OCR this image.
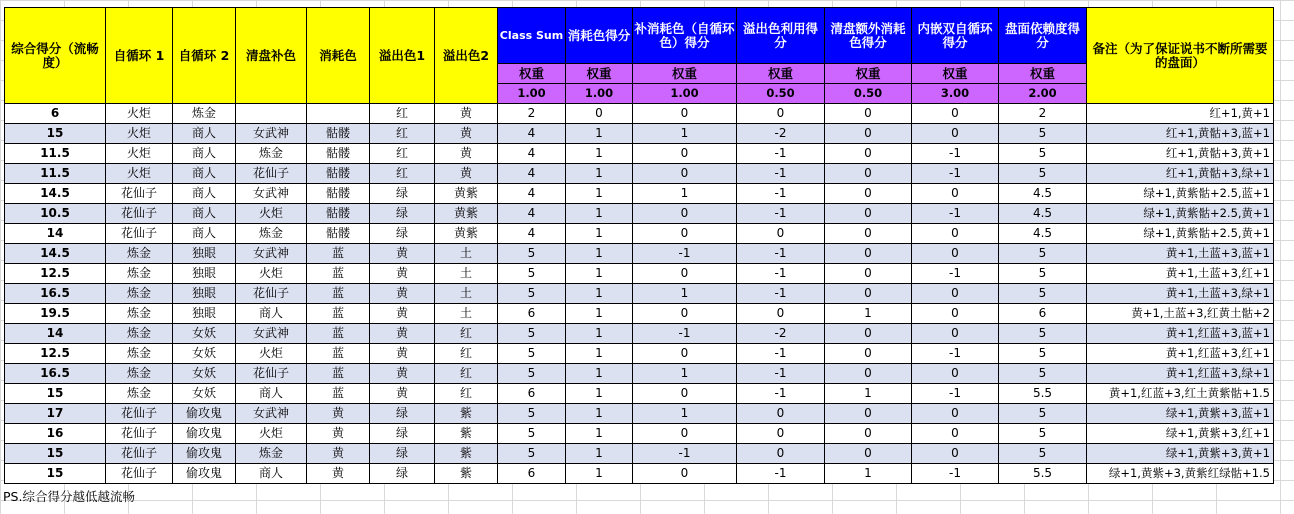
综合得分（流畅度）	自循环 1	自循环 2	清盘补色	消耗色	溢出色1	溢出色2	Class Sum	消耗色得分	补消耗色（自循环色）得分	溢出色利用得分	清盘额外消耗色得分	内嵌双自循环得分	盘面依赖度得分	备注（为了保证说书不断所需要的盘面）
							权重	权重	权重	权重	权重	权重	权重	
							1.00	1.00	1.00	0.50	0.50	3.00	2.00	
6	火炬	炼金			红	黄	2	0	0	0	0	0	2	红+1,黄+1
15	火炬	商人	女武神	骷髅	红	黄	4	1	1	-2	0	0	5	红+1,黄骷+3,蓝+1
11.5	火炬	商人	炼金	骷髅	红	黄	4	1	0	-1	0	-1	5	红+1,黄骷+3,黄+1
11.5	火炬	商人	花仙子	骷髅	红	黄	4	1	0	-1	0	-1	5	红+1,黄骷+3,绿+1
14.5	花仙子	商人	女武神	骷髅	绿	黄紫	4	1	1	-1	0	0	4.5	绿+1,黄紫骷+2.5,蓝+1
10.5	花仙子	商人	火炬	骷髅	绿	黄紫	4	1	0	-1	0	-1	4.5	绿+1,黄紫骷+2.5,黄+1
14	花仙子	商人	炼金	骷髅	绿	黄紫	4	1	0	0	0	0	4.5	绿+1,黄紫骷+2.5,黄+1
14.5	炼金	独眼	女武神	蓝	黄	土	5	1	-1	-1	0	0	5	黄+1,土蓝+3,蓝+1
12.5	炼金	独眼	火炬	蓝	黄	土	5	1	0	-1	0	-1	5	黄+1,土蓝+3,红+1
16.5	炼金	独眼	花仙子	蓝	黄	土	5	1	1	-1	0	0	5	黄+1,土蓝+3,绿+1
19.5	炼金	独眼	商人	蓝	黄	土	6	1	0	0	1	0	6	黄+1,土蓝+3,红黄土骷+2
14	炼金	女妖	女武神	蓝	黄	红	5	1	-1	-2	0	0	5	黄+1,红蓝+3,蓝+1
12.5	炼金	女妖	火炬	蓝	黄	红	5	1	0	-1	0	-1	5	黄+1,红蓝+3,红+1
16.5	炼金	女妖	花仙子	蓝	黄	红	5	1	1	-1	0	0	5	黄+1,红蓝+3,绿+1
15	炼金	女妖	商人	蓝	黄	红	6	1	0	-1	1	-1	5.5	黄+1,红蓝+3,红土黄紫骷+1.5
17	花仙子	偷攻鬼	女武神	黄	绿	紫	5	1	1	0	0	0	5	绿+1,黄紫+3,蓝+1
16	花仙子	偷攻鬼	火炬	黄	绿	紫	5	1	0	0	0	0	5	绿+1,黄紫+3,红+1
15	花仙子	偷攻鬼	炼金	黄	绿	紫	5	1	-1	0	0	0	5	绿+1,黄紫+3,黄+1
15	花仙子	偷攻鬼	商人	黄	绿	紫	6	1	0	-1	1	-1	5.5	绿+1,黄紫+3,黄紫红绿骷+1.5
PS.综合得分越低越流畅
